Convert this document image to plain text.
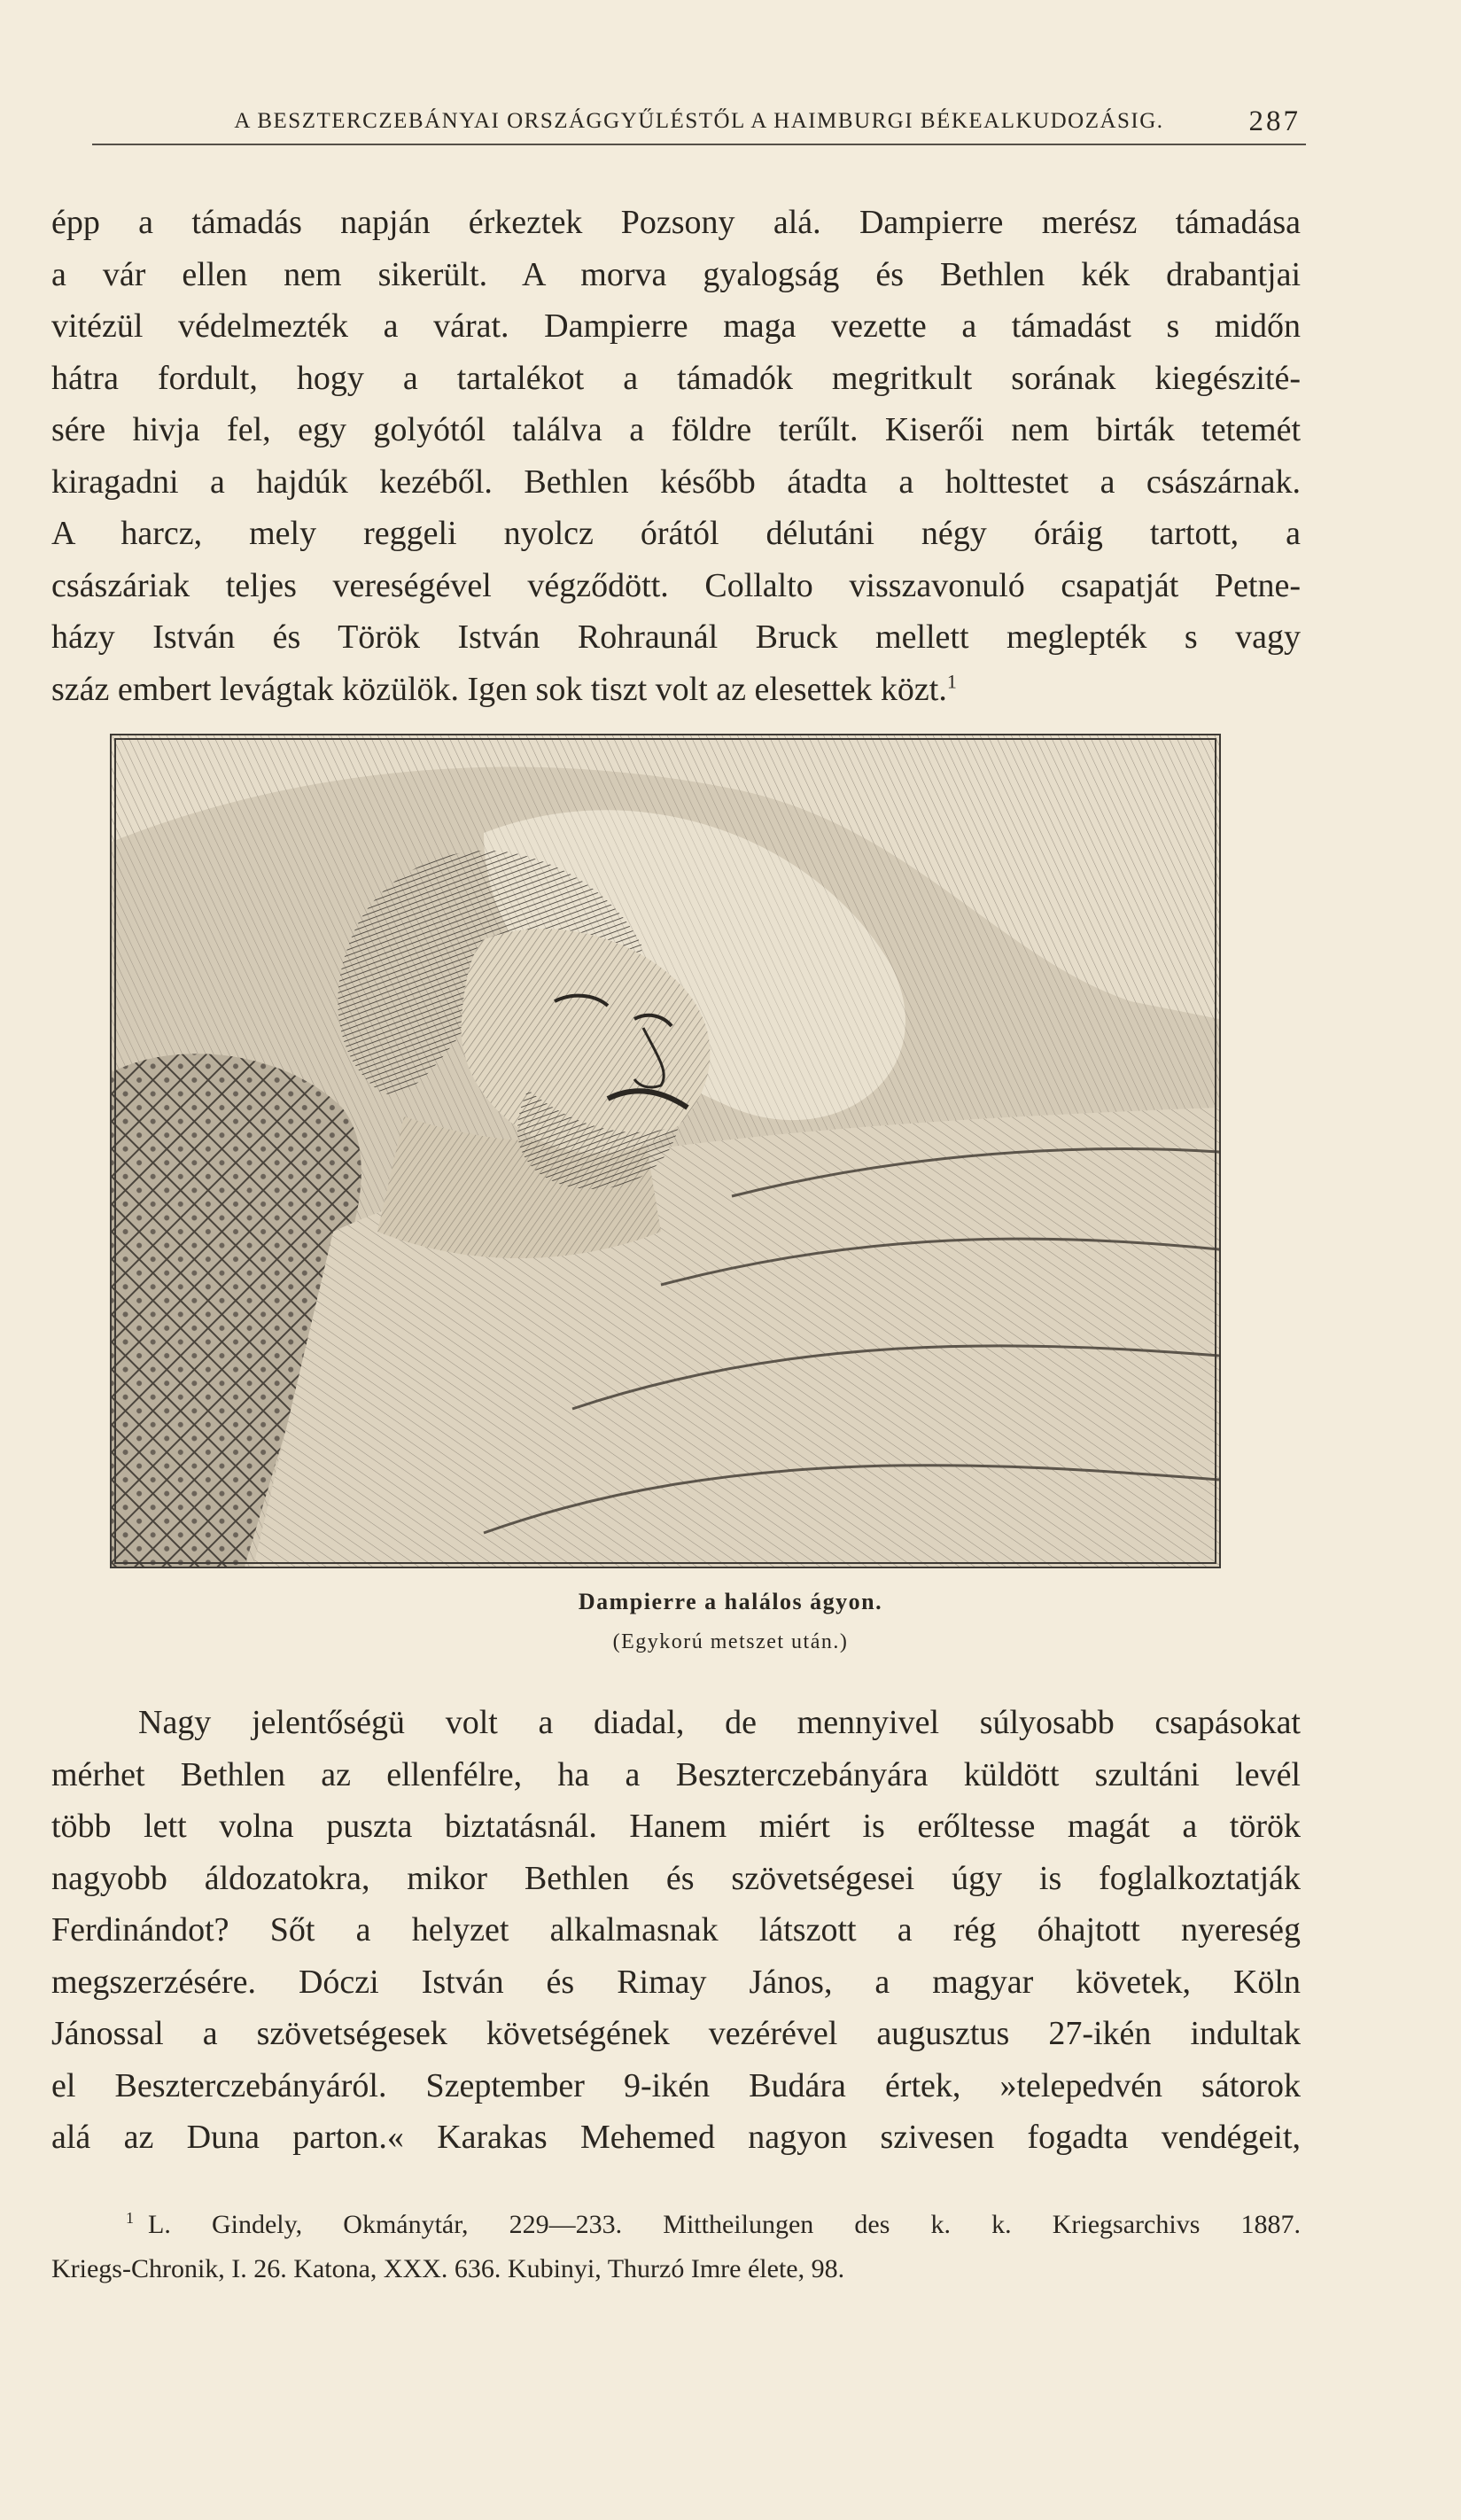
A BESZTERCZEBÁNYAI ORSZÁGGYŰLÉSTŐL A HAIMBURGI BÉKEALKUDOZÁSIG.	287
épp a támadás napján érkeztek Pozsony alá. Dampierre merész támadása
a vár ellen nem sikerült. A morva gyalogság és Bethlen kék drabantjai
vitézül védelmezték a várat. Dampierre maga vezette a támadást s midőn
hátra fordult, hogy a tartalékot a támadók megritkult sorának kiegészité-
sére hivja fel, egy golyótól találva a földre terűlt. Kiserői nem birták tetemét
kiragadni a hajdúk kezéből. Bethlen később átadta a holttestet a császárnak.
A harcz, mely reggeli nyolcz órától délutáni négy óráig tartott, a
császáriak teljes vereségével végződött. Collalto visszavonuló csapatját Petne-
házy István és Török István Rohraunál Bruck mellett meglepték s vagy
száz embert levágtak közülök. Igen sok tiszt volt az elesettek közt.$^1$
Dampierre a halálos ágyon.
(Egykorú metszet után.)
Nagy jelentőségü volt a diadal, de mennyivel súlyosabb csapásokat
mérhet Bethlen az ellenfélre, ha a Beszterczebányára küldött szultáni levél
több lett volna puszta biztatásnál. Hanem miért is erőltesse magát a török
nagyobb áldozatokra, mikor Bethlen és szövetségesei úgy is foglalkoztatják
Ferdinándot? Sőt a helyzet alkalmasnak látszott a rég óhajtott nyereség
megszerzésére. Dóczi István és Rimay János, a magyar követek, Köln
Jánossal a szövetségesek követségének vezérével augusztus 27-ikén indultak
el Beszterczebányáról. Szeptember 9-ikén Budára értek, »telepedvén sátorok
alá az Duna parton.« Karakas Mehemed nagyon szivesen fogadta vendégeit,
$^1$ L. Gindely, Okmánytár, 229—233. Mittheilungen des k. k. Kriegsarchivs 1887.
Kriegs-Chronik, I. 26. Katona, XXX. 636. Kubinyi, Thurzó Imre élete, 98.
